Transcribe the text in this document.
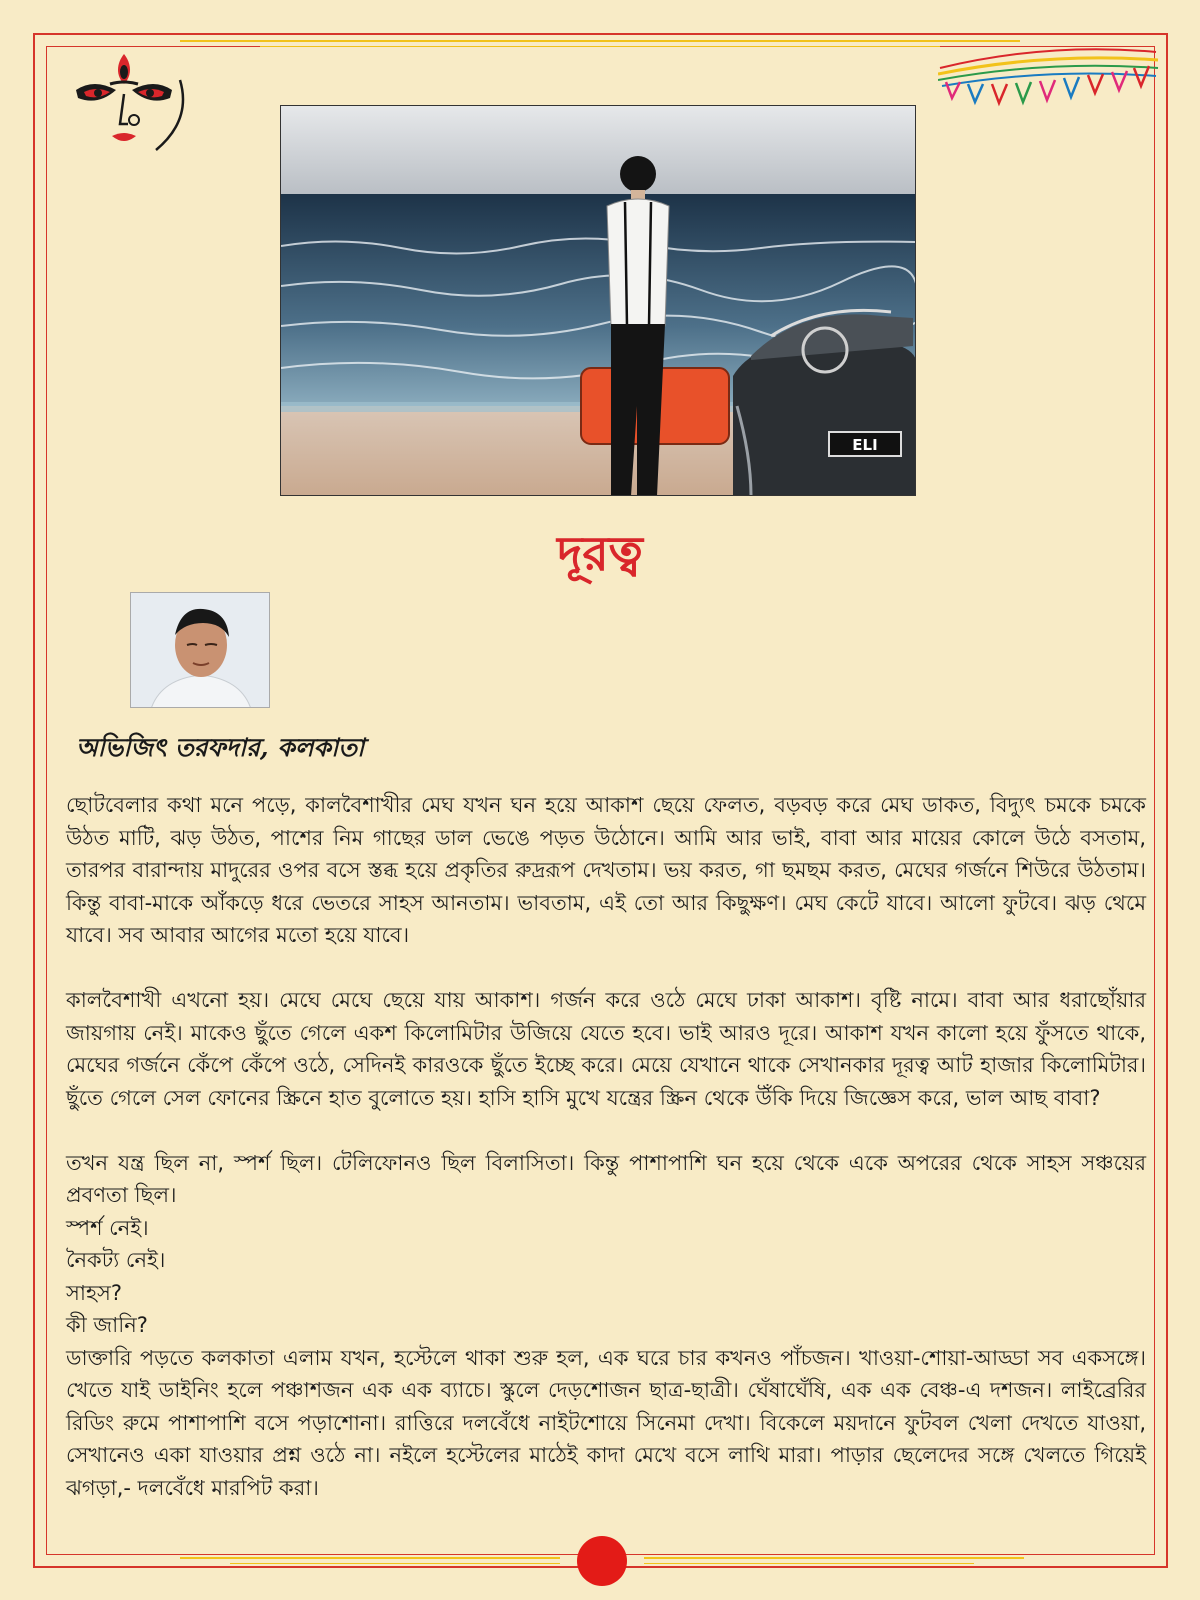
ELI
দূরত্ব
অভিজিৎ তরফদার, কলকাতা

ছোটবেলার কথা মনে পড়ে, কালবৈশাখীর মেঘ যখন ঘন হয়ে আকাশ ছেয়ে ফেলত, বড়বড় করে মেঘ ডাকত, বিদ্যুৎ চমকে চমকে উঠত মাটি, ঝড় উঠত, পাশের নিম গাছের ডাল ভেঙে পড়ত উঠোনে। আমি আর ভাই, বাবা আর মায়ের কোলে উঠে বসতাম, তারপর বারান্দায় মাদুরের ওপর বসে স্তব্ধ হয়ে প্রকৃতির রুদ্ররূপ দেখতাম। ভয় করত, গা ছমছম করত, মেঘের গর্জনে শিউরে উঠতাম। কিন্তু বাবা-মাকে আঁকড়ে ধরে ভেতরে সাহস আনতাম। ভাবতাম, এই তো আর কিছুক্ষণ। মেঘ কেটে যাবে। আলো ফুটবে। ঝড় থেমে যাবে। সব আবার আগের মতো হয়ে যাবে।

কালবৈশাখী এখনো হয়। মেঘে মেঘে ছেয়ে যায় আকাশ। গর্জন করে ওঠে মেঘে ঢাকা আকাশ। বৃষ্টি নামে। বাবা আর ধরাছোঁয়ার জায়গায় নেই। মাকেও ছুঁতে গেলে একশ কিলোমিটার উজিয়ে যেতে হবে। ভাই আরও দূরে। আকাশ যখন কালো হয়ে ফুঁসতে থাকে, মেঘের গর্জনে কেঁপে কেঁপে ওঠে, সেদিনই কারওকে ছুঁতে ইচ্ছে করে। মেয়ে যেখানে থাকে সেখানকার দূরত্ব আট হাজার কিলোমিটার। ছুঁতে গেলে সেল ফোনের স্ক্রিনে হাত বুলোতে হয়। হাসি হাসি মুখে যন্ত্রের স্ক্রিন থেকে উঁকি দিয়ে জিজ্ঞেস করে, ভাল আছ বাবা?

তখন যন্ত্র ছিল না, স্পর্শ ছিল। টেলিফোনও ছিল বিলাসিতা। কিন্তু পাশাপাশি ঘন হয়ে থেকে একে অপরের থেকে সাহস সঞ্চয়ের প্রবণতা ছিল।

স্পর্শ নেই।

নৈকট্য নেই।

সাহস?

কী জানি?

ডাক্তারি পড়তে কলকাতা এলাম যখন, হস্টেলে থাকা শুরু হল, এক ঘরে চার কখনও পাঁচজন। খাওয়া-শোয়া-আড্ডা সব একসঙ্গে। খেতে যাই ডাইনিং হলে পঞ্চাশজন এক এক ব্যাচে। স্কুলে দেড়শোজন ছাত্র-ছাত্রী। ঘেঁষাঘেঁষি, এক এক বেঞ্চ-এ দশজন। লাইব্রেরির রিডিং রুমে পাশাপাশি বসে পড়াশোনা। রাত্তিরে দলবেঁধে নাইটশোয়ে সিনেমা দেখা। বিকেলে ময়দানে ফুটবল খেলা দেখতে যাওয়া, সেখানেও একা যাওয়ার প্রশ্ন ওঠে না। নইলে হস্টেলের মাঠেই কাদা মেখে বসে লাথি মারা। পাড়ার ছেলেদের সঙ্গে খেলতে গিয়েই ঝগড়া,- দলবেঁধে মারপিট করা।
